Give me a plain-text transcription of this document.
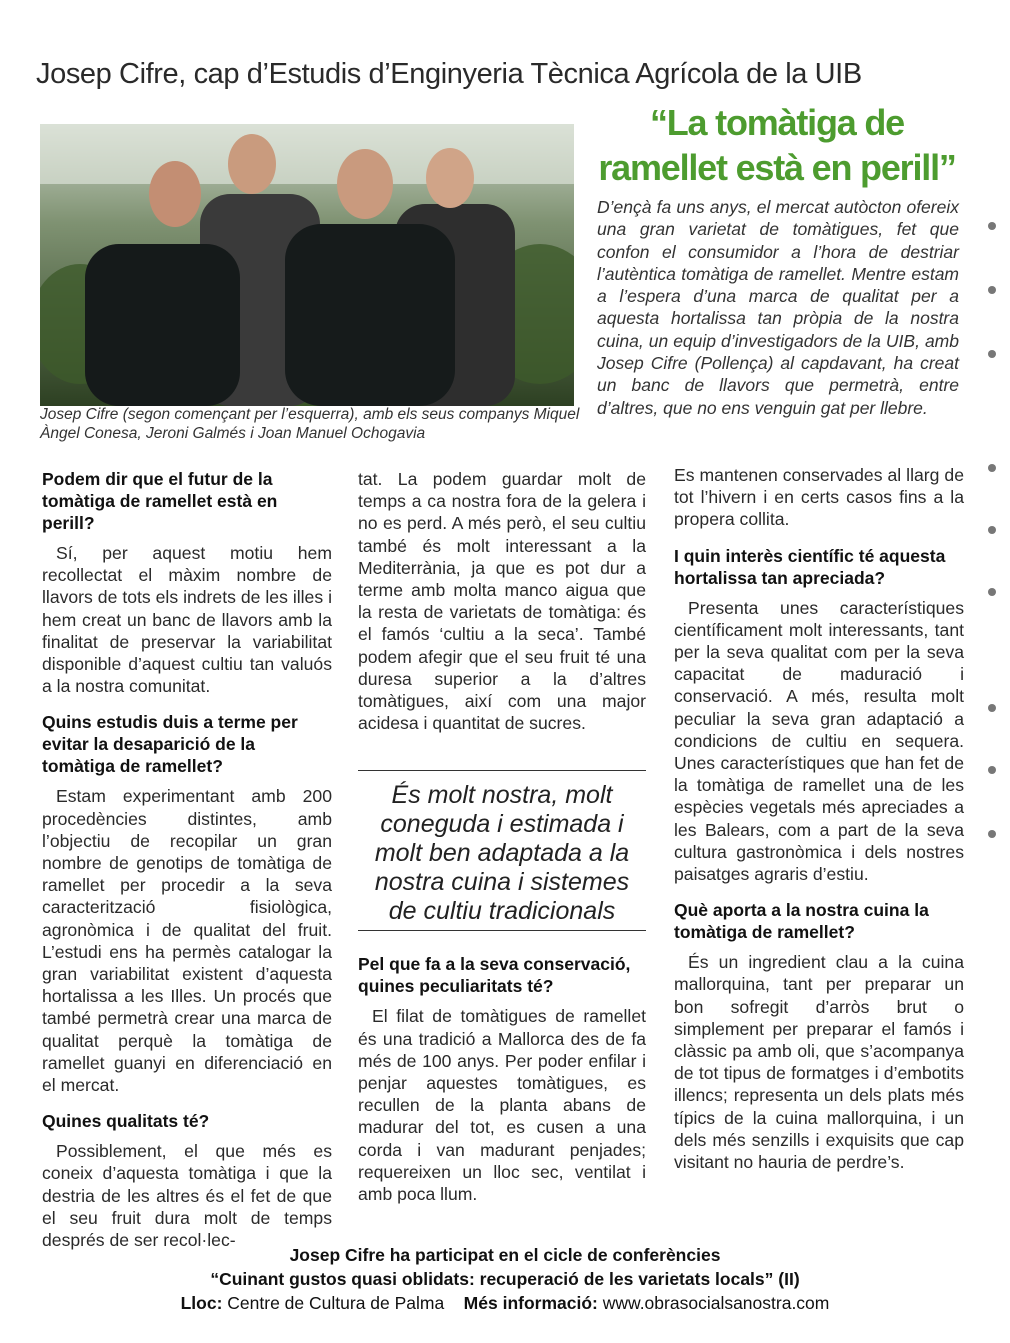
Josep Cifre, cap d’Estudis d’Enginyeria Tècnica Agrícola de la UIB
Josep Cifre (segon començant per l’esquerra), amb els seus companys Miquel Àngel Conesa, Jeroni Galmés i Joan Manuel Ochogavia
“La tomàtiga de ramellet està en perill”
D’ençà fa uns anys, el mercat autòcton ofereix una gran varietat de tomàtigues, fet que confon el consumidor a l’hora de destriar l’autèntica tomàtiga de ramellet. Mentre estam a l’espera d’una marca de qualitat per a aquesta hortalissa tan pròpia de la nostra cuina, un equip d’investigadors de la UIB, amb Josep Cifre (Pollença) al capdavant, ha creat un banc de llavors que permetrà, entre d’altres, que no ens venguin gat per llebre.
Podem dir que el futur de la tomàtiga de ramellet està en perill?

Sí, per aquest motiu hem recollectat el màxim nombre de llavors de tots els indrets de les illes i hem creat un banc de llavors amb la finalitat de preservar la variabilitat disponible d’aquest cultiu tan valuós a la nostra comunitat.

Quins estudis duis a terme per evitar la desaparició de la tomàtiga de ramellet?

Estam experimentant amb 200 procedències distintes, amb l’objectiu de recopilar un gran nombre de genotips de tomàtiga de ramellet per procedir a la seva caracterització fisiològica, agronòmica i de qualitat del fruit. L’estudi ens ha permès catalogar la gran variabilitat existent d’aquesta hortalissa a les Illes. Un procés que també permetrà crear una marca de qualitat perquè la tomàtiga de ramellet guanyi en diferenciació en el mercat.

Quines qualitats té?

Possiblement, el que més es coneix d’aquesta tomàtiga i que la destria de les altres és el fet de que el seu fruit dura molt de temps després de ser recol·lec-

tat. La podem guardar molt de temps a ca nostra fora de la gelera i no es perd. A més però, el seu cultiu també és molt interessant a la Mediterrània, ja que es pot dur a terme amb molta manco aigua que la resta de varietats de tomàtiga: és el famós ‘cultiu a la seca’. També podem afegir que el seu fruit té una duresa superior a la d’altres tomàtigues, així com una major acidesa i quantitat de sucres.

És molt nostra, molt coneguda i estimada i molt ben adaptada a la nostra cuina i sistemes de cultiu tradicionals
Pel que fa a la seva conservació, quines peculiaritats té?

El filat de tomàtigues de ramellet és una tradició a Mallorca des de fa més de 100 anys. Per poder enfilar i penjar aquestes tomàtigues, es recullen de la planta abans de madurar del tot, es cusen a una corda i van madurant penjades; requereixen un lloc sec, ventilat i amb poca llum.

Es mantenen conservades al llarg de tot l’hivern i en certs casos fins a la propera collita.

I quin interès científic té aquesta hortalissa tan apreciada?

Presenta unes característiques científicament molt interessants, tant per la seva qualitat com per la seva capacitat de maduració i conservació. A més, resulta molt peculiar la seva gran adaptació a condicions de cultiu en sequera. Unes característiques que han fet de la tomàtiga de ramellet una de les espècies vegetals més apreciades a les Balears, com a part de la seva cultura gastronòmica i dels nostres paisatges agraris d’estiu.

Què aporta a la nostra cuina la tomàtiga de ramellet?

És un ingredient clau a la cuina mallorquina, tant per preparar un bon sofregit d’arròs brut o simplement per preparar el famós i clàssic pa amb oli, que s’acompanya de tot tipus de formatges i d’embotits illencs; representa un dels plats més típics de la cuina mallorquina, i un dels més senzills i exquisits que cap visitant no hauria de perdre’s.

Josep Cifre ha participat en el cicle de conferències
“Cuinant gustos quasi oblidats: recuperació de les varietats locals” (II)
Lloc: Centre de Cultura de Palma Més informació: www.obrasocialsanostra.com
